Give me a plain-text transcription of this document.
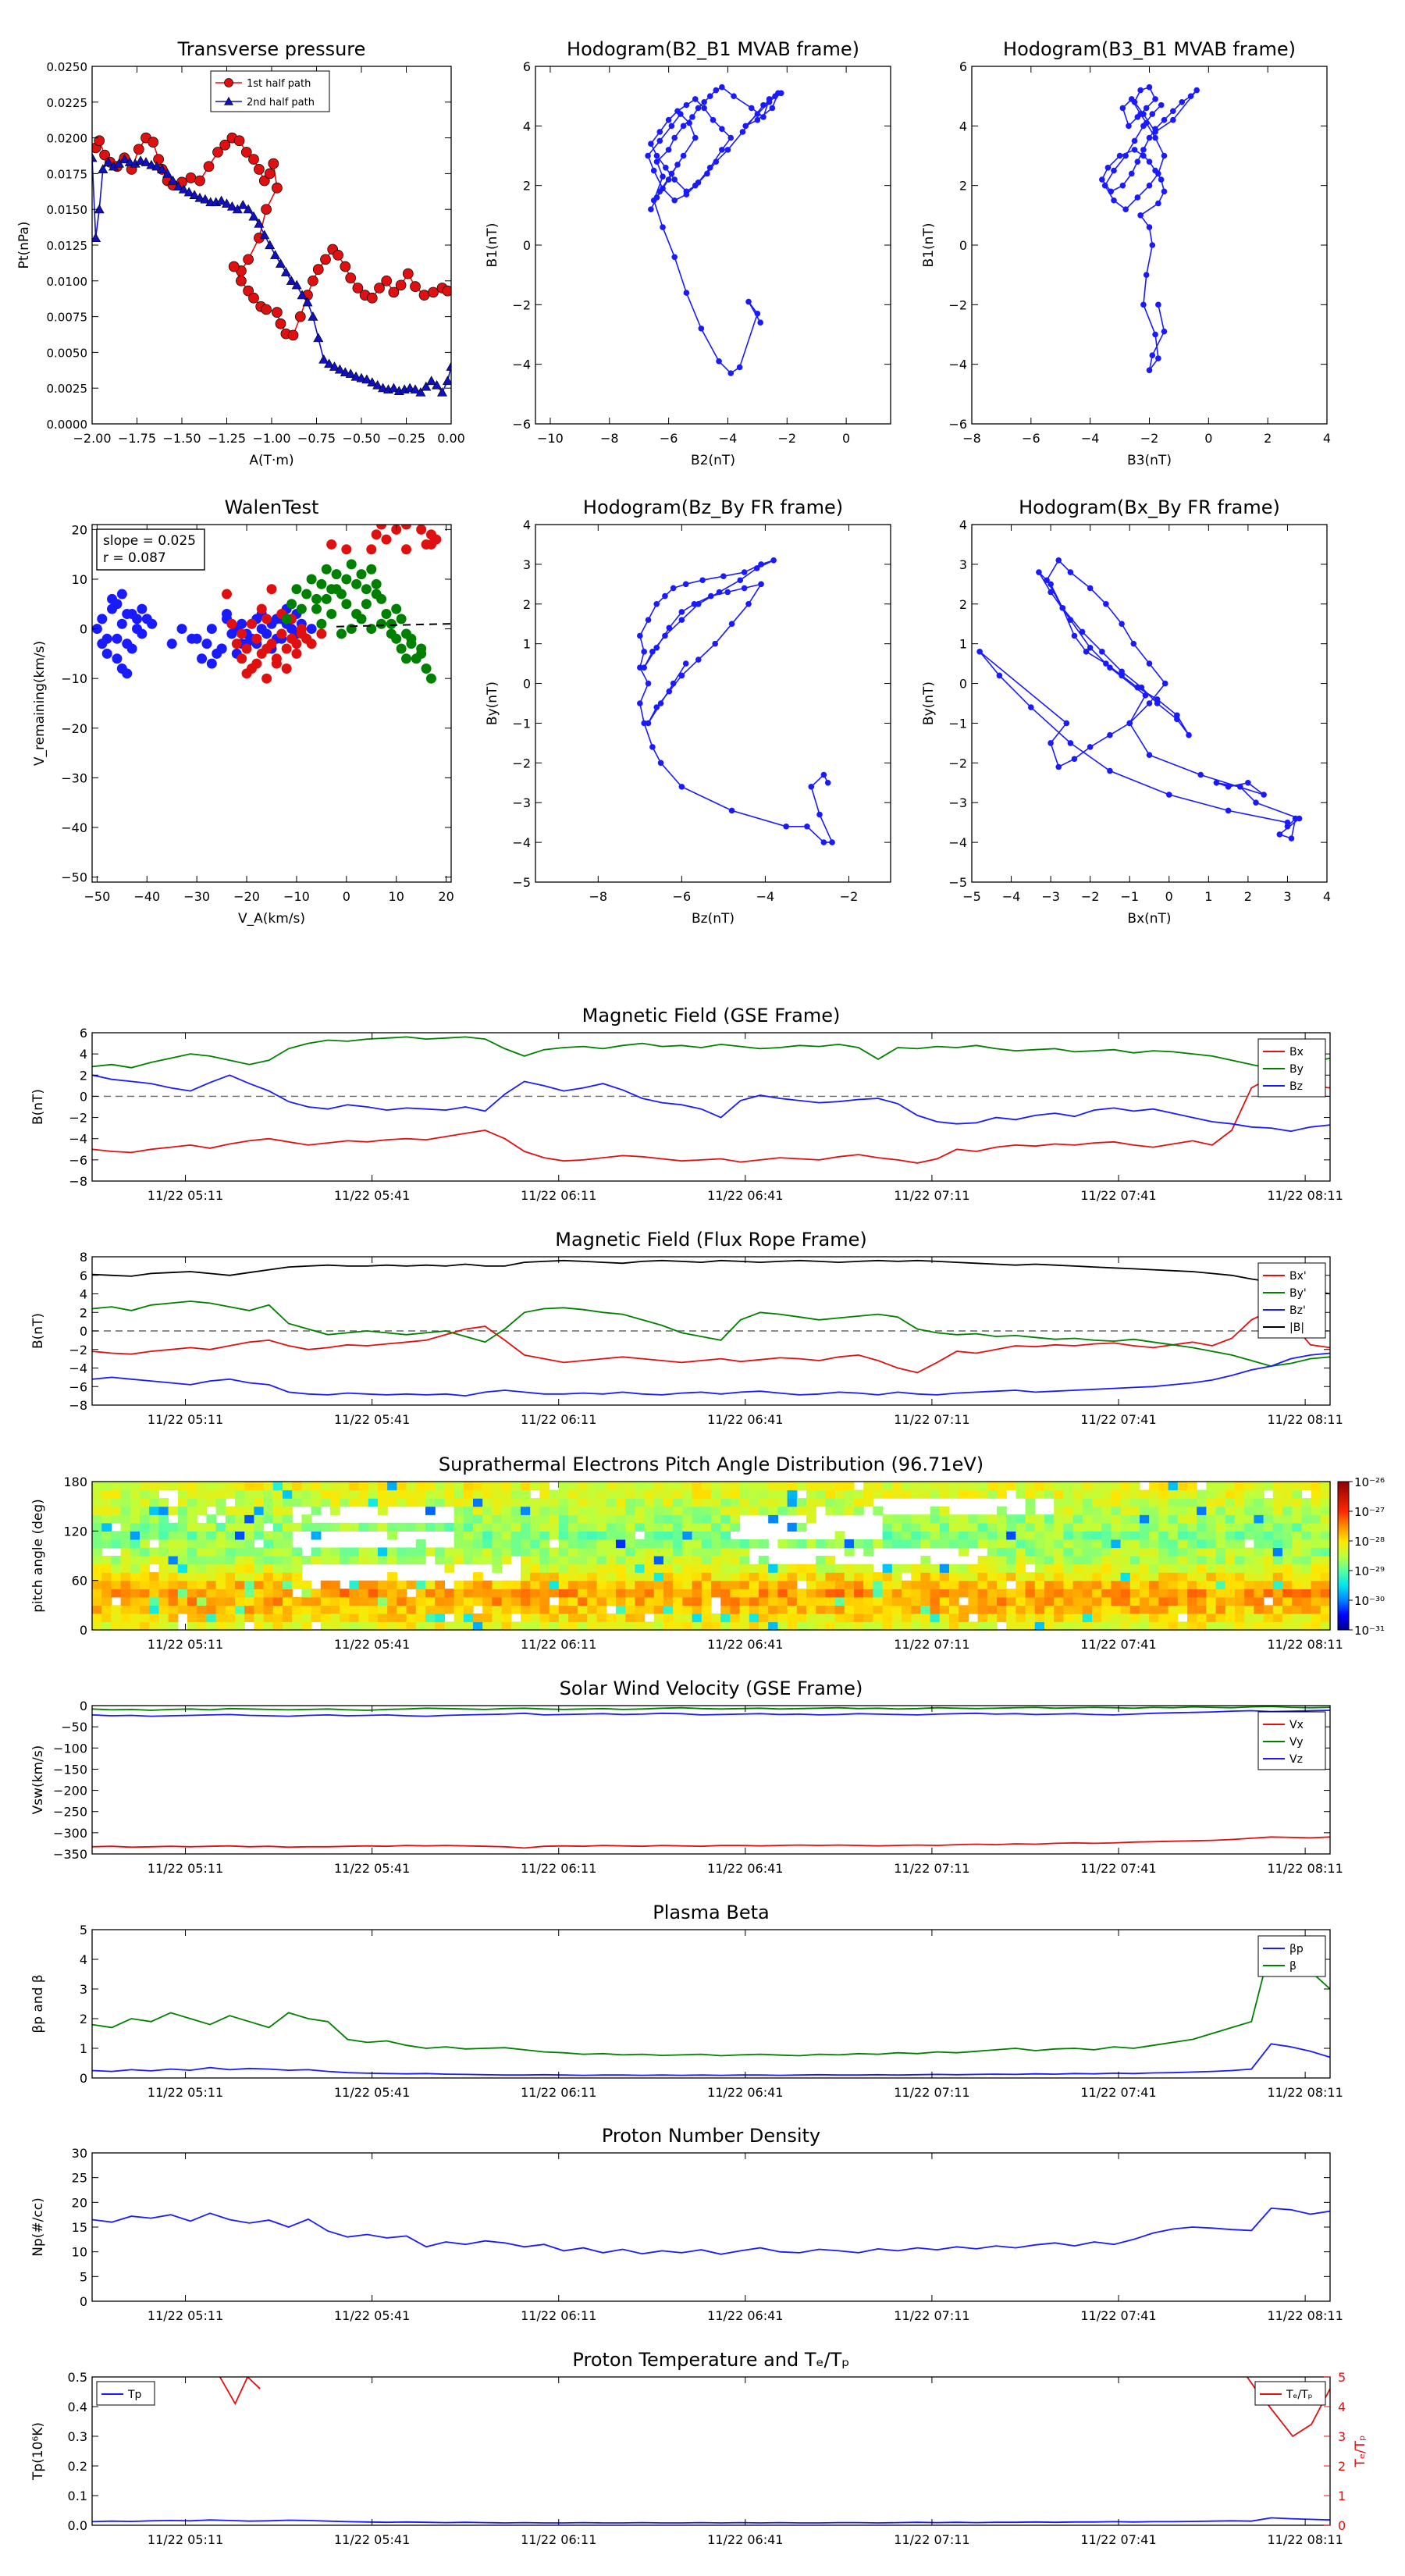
Transverse pressure
0.0000
0.0025
0.0050
0.0075
0.0100
0.0125
0.0150
0.0175
0.0200
0.0225
0.0250
−2.00 −1.75 −1.50 −1.25 −1.00 −0.75 −0.50 −0.25 0.00
A(T·m)
Pt(nPa)
1st half path
2nd half path
Hodogram(B2_B1 MVAB frame)
−6
−4
−2
0
2
4
6
−10	−8	−6	−4	−2	0
B2(nT)
B1(nT)
Hodogram(B3_B1 MVAB frame)
−6
−4
−2
0
2
4
6
−8	−6	−4	−2	0	2	4
B3(nT)
B1(nT)
Hodogram(Bz_By FR frame)
−5
−4
−3
−2
−1
0
1
2
3
4
−8	−6	−4	−2
Bz(nT)
By(nT)
Hodogram(Bx_By FR frame)
−5
−4
−3
−2
−1
0
1
2
3
4
−5 −4 −3 −2 −1 0	1	2	3	4
Bx(nT)
By(nT)
WalenTest
−50
−40
−30
−20
−10
0
10
20
−50 −40 −30 −20 −10	0	10	20
V_A(km/s)
V_remaining(km/s)
slope = 0.025
r = 0.087
11/22 05:11	11/22 05:41	11/22 06:11	11/22 06:41	11/22 07:11	11/22 07:41	11/22 08:11
Magnetic Field (GSE Frame)
−8
−6
−4
−2
0
2
4
6
B(nT)
Bx
By
Bz
11/22 05:11	11/22 05:41	11/22 06:11	11/22 06:41	11/22 07:11	11/22 07:41	11/22 08:11
Magnetic Field (Flux Rope Frame)
−8
−6
−4
−2
0
2
4
6
8
B(nT)
Bx'
By'
Bz'
|B|
11/22 05:11	11/22 05:41	11/22 06:11	11/22 06:41	11/22 07:11	11/22 07:41	11/22 08:11
Solar Wind Velocity (GSE Frame)
−350
−300
−250
−200
−150
−100
−50
0
Vsw(km/s)
Vx
Vy
Vz
11/22 05:11	11/22 05:41	11/22 06:11	11/22 06:41	11/22 07:11	11/22 07:41	11/22 08:11
Plasma Beta
0
1
2
3
4
5
βp and β
βp
β
11/22 05:11	11/22 05:41	11/22 06:11	11/22 06:41	11/22 07:11	11/22 07:41	11/22 08:11
Proton Number Density
0
5
10
15
20
25
30
Np(#/cc)
11/22 05:11	11/22 05:41	11/22 06:11	11/22 06:41	11/22 07:11	11/22 07:41	11/22 08:11
Proton Temperature and Tₑ/Tₚ
0.0
0.1
0.2
0.3
0.4
0.5
Tp(10⁶K)
0
1
2
3
4
5
Tₑ/Tₚ
Tp	Tₑ/Tₚ
11/22 05:11	11/22 05:41	11/22 06:11	11/22 06:41	11/22 07:11	11/22 07:41	11/22 08:11
Suprathermal Electrons Pitch Angle Distribution (96.71eV)
0
60
120
180
pitch angle (deg)
10⁻²⁶
10⁻²⁷
10⁻²⁸
10⁻²⁹
10⁻³⁰
10⁻³¹
